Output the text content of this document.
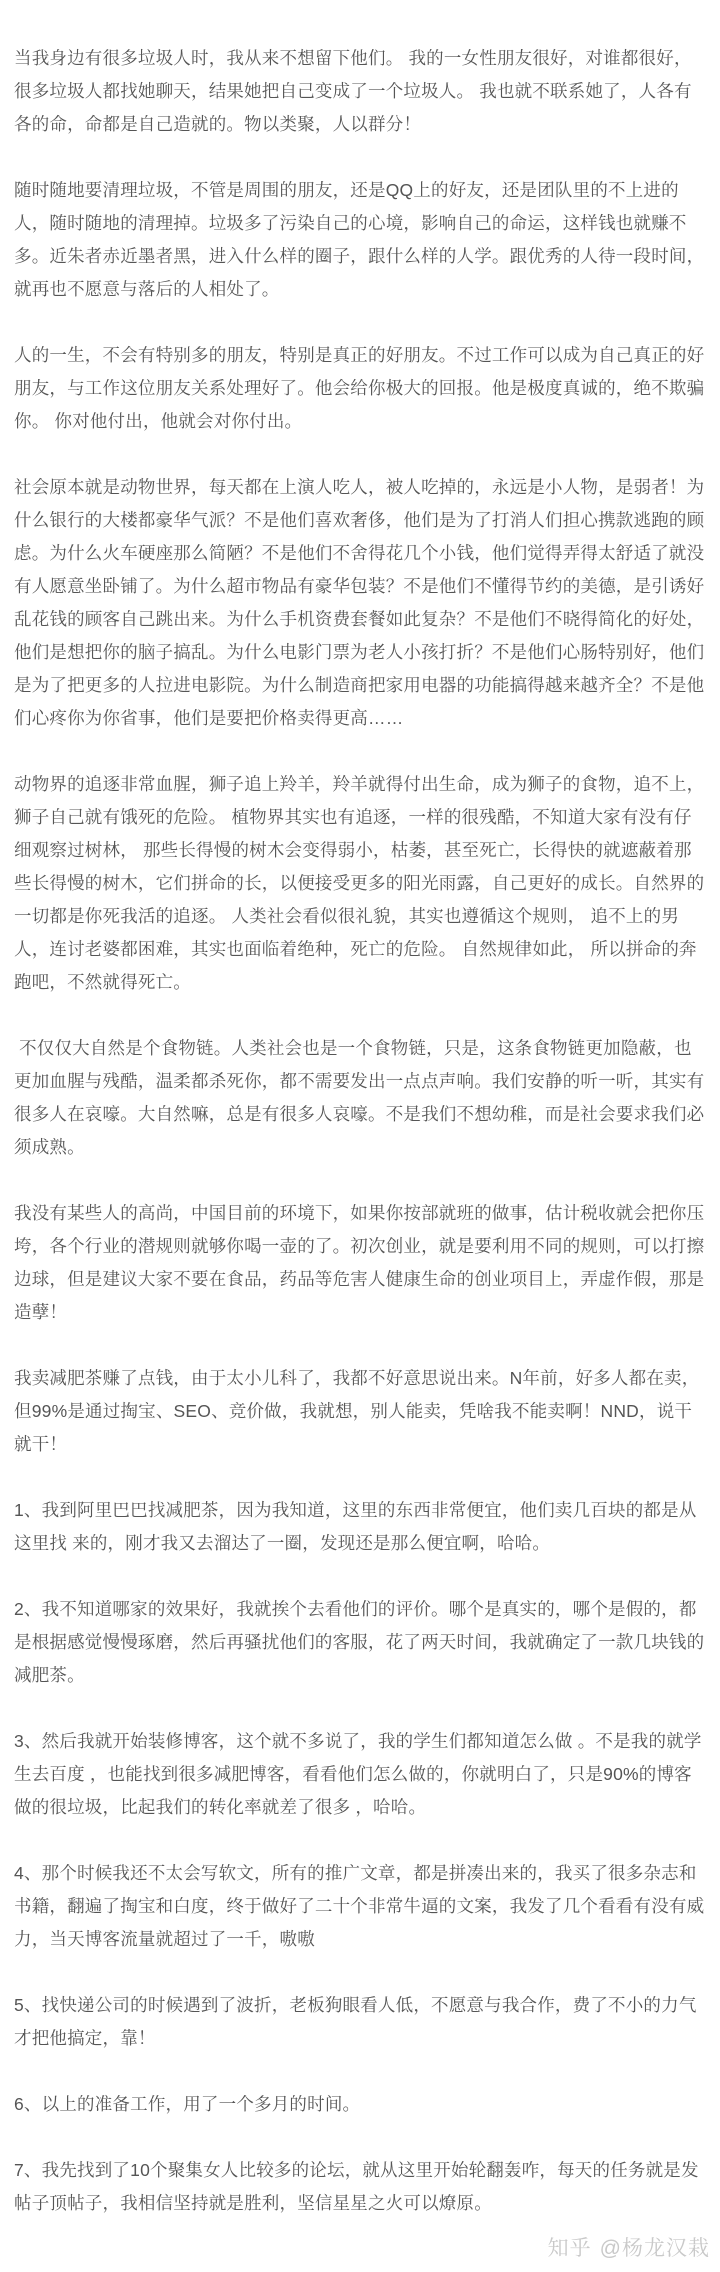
当我身边有很多垃圾人时，我从来不想留下他们。 我的一女性朋友很好，对谁都很好，很多垃圾人都找她聊天，结果她把自己变成了一个垃圾人。 我也就不联系她了，人各有各的命，命都是自己造就的。物以类聚，人以群分！

随时随地要清理垃圾，不管是周围的朋友，还是QQ上的好友，还是团队里的不上进的人，随时随地的清理掉。垃圾多了污染自己的心境，影响自己的命运，这样钱也就赚不多。近朱者赤近墨者黑，进入什么样的圈子，跟什么样的人学。跟优秀的人待一段时间，就再也不愿意与落后的人相处了。

人的一生，不会有特别多的朋友，特别是真正的好朋友。不过工作可以成为自己真正的好朋友，与工作这位朋友关系处理好了。他会给你极大的回报。他是极度真诚的，绝不欺骗你。 你对他付出，他就会对你付出。

社会原本就是动物世界，每天都在上演人吃人，被人吃掉的，永远是小人物，是弱者！为什么银行的大楼都豪华气派？不是他们喜欢奢侈，他们是为了打消人们担心携款逃跑的顾虑。为什么火车硬座那么简陋？不是他们不舍得花几个小钱，他们觉得弄得太舒适了就没有人愿意坐卧铺了。为什么超市物品有豪华包装？不是他们不懂得节约的美德，是引诱好乱花钱的顾客自己跳出来。为什么手机资费套餐如此复杂？不是他们不晓得简化的好处，他们是想把你的脑子搞乱。为什么电影门票为老人小孩打折？不是他们心肠特别好，他们是为了把更多的人拉进电影院。为什么制造商把家用电器的功能搞得越来越齐全？不是他们心疼你为你省事，他们是要把价格卖得更高……

动物界的追逐非常血腥，狮子追上羚羊，羚羊就得付出生命，成为狮子的食物，追不上，狮子自己就有饿死的危险。 植物界其实也有追逐，一样的很残酷，不知道大家有没有仔细观察过树林， 那些长得慢的树木会变得弱小，枯萎，甚至死亡，长得快的就遮蔽着那些长得慢的树木，它们拼命的长，以便接受更多的阳光雨露，自己更好的成长。自然界的一切都是你死我活的追逐。 人类社会看似很礼貌，其实也遵循这个规则， 追不上的男人，连讨老婆都困难，其实也面临着绝种，死亡的危险。 自然规律如此， 所以拼命的奔跑吧，不然就得死亡。

不仅仅大自然是个食物链。人类社会也是一个食物链，只是，这条食物链更加隐蔽，也更加血腥与残酷，温柔都杀死你，都不需要发出一点点声响。我们安静的听一听，其实有很多人在哀嚎。大自然嘛，总是有很多人哀嚎。不是我们不想幼稚，而是社会要求我们必须成熟。

我没有某些人的高尚，中国目前的环境下，如果你按部就班的做事，估计税收就会把你压垮，各个行业的潜规则就够你喝一壶的了。初次创业，就是要利用不同的规则，可以打擦边球，但是建议大家不要在食品，药品等危害人健康生命的创业项目上，弄虚作假，那是造孽！

我卖减肥茶赚了点钱，由于太小儿科了，我都不好意思说出来。N年前，好多人都在卖，但99%是通过掏宝、SEO、竞价做，我就想，别人能卖，凭啥我不能卖啊！NND，说干就干！

1、我到阿里巴巴找减肥茶，因为我知道，这里的东西非常便宜，他们卖几百块的都是从这里找 来的，刚才我又去溜达了一圈，发现还是那么便宜啊，哈哈。

2、我不知道哪家的效果好，我就挨个去看他们的评价。哪个是真实的，哪个是假的，都是根据感觉慢慢琢磨，然后再骚扰他们的客服，花了两天时间，我就确定了一款几块钱的减肥茶。

3、然后我就开始装修博客，这个就不多说了，我的学生们都知道怎么做 。不是我的就学生去百度 ，也能找到很多减肥博客，看看他们怎么做的，你就明白了，只是90%的博客做的很垃圾，比起我们的转化率就差了很多 ，哈哈。

4、那个时候我还不太会写软文，所有的推广文章，都是拼凑出来的，我买了很多杂志和书籍，翻遍了掏宝和白度，终于做好了二十个非常牛逼的文案，我发了几个看看有没有威力，当天博客流量就超过了一千，嗷嗷

5、找快递公司的时候遇到了波折，老板狗眼看人低，不愿意与我合作，费了不小的力气才把他搞定，靠！

6、以上的准备工作，用了一个多月的时间。

7、我先找到了10个聚集女人比较多的论坛，就从这里开始轮翻轰咋，每天的任务就是发帖子顶帖子，我相信坚持就是胜利，坚信星星之火可以燎原。

知乎 @杨龙汉栽
